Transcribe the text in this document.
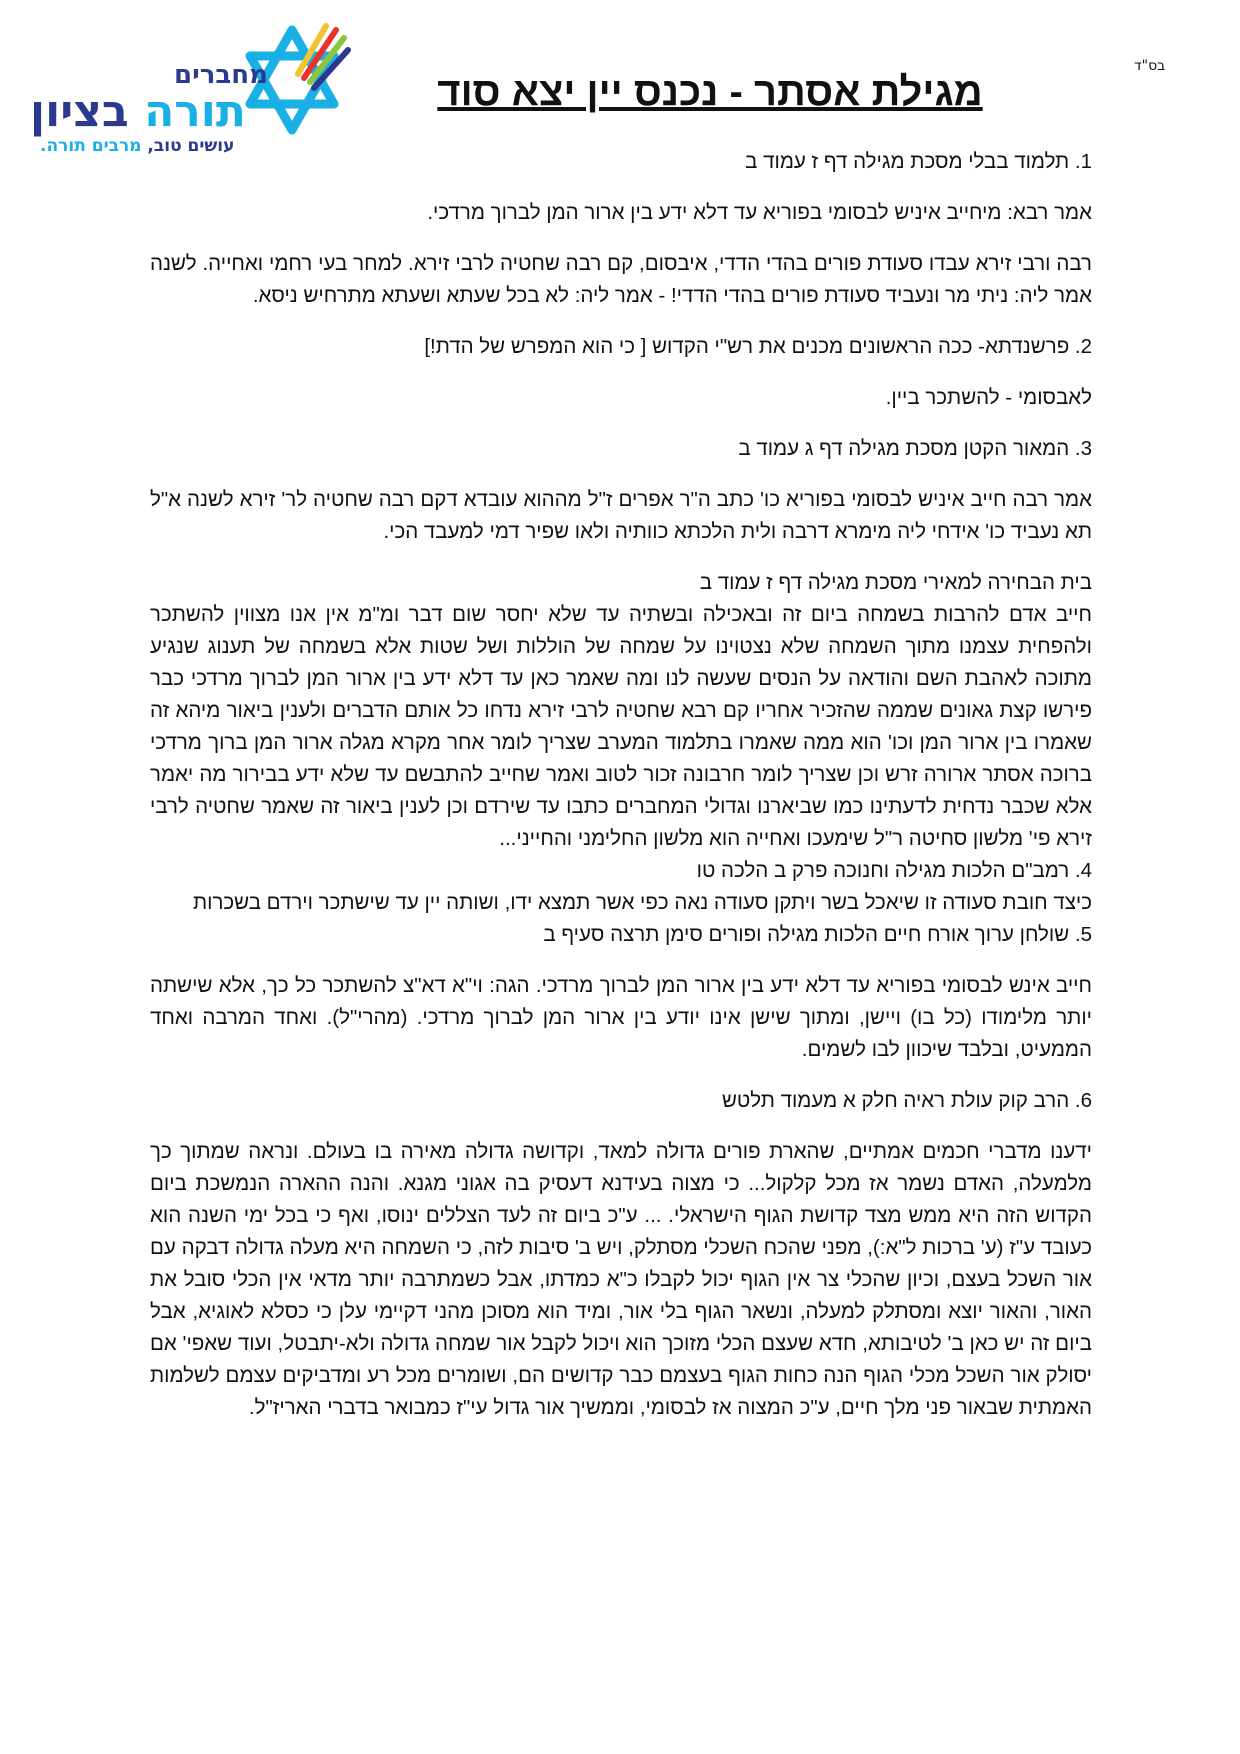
בס"ד
מחברים
תורה בציון
עושים טוב, מרבים תורה.
מגילת אסתר - נכנס יין יצא סוד

1. תלמוד בבלי מסכת מגילה דף ז עמוד ב

אמר רבא: מיחייב איניש לבסומי בפוריא עד דלא ידע בין ארור המן לברוך מרדכי.

רבה ורבי זירא עבדו סעודת פורים בהדי הדדי, איבסום, קם רבה שחטיה לרבי זירא. למחר בעי רחמי ואחייה. לשנה אמר ליה: ניתי מר ונעביד סעודת פורים בהדי הדדי! - אמר ליה: לא בכל שעתא ושעתא מתרחיש ניסא.

2. פרשנדתא- ככה הראשונים מכנים את רש"י הקדוש [ כי הוא המפרש של הדת!]

לאבסומי - להשתכר ביין.

3. המאור הקטן מסכת מגילה דף ג עמוד ב

אמר רבה חייב איניש לבסומי בפוריא כו' כתב ה"ר אפרים ז"ל מההוא עובדא דקם רבה שחטיה לר' זירא לשנה א"ל תא נעביד כו' אידחי ליה מימרא דרבה ולית הלכתא כוותיה ולאו שפיר דמי למעבד הכי.

בית הבחירה למאירי מסכת מגילה דף ז עמוד ב

חייב אדם להרבות בשמחה ביום זה ובאכילה ובשתיה עד שלא יחסר שום דבר ומ"מ אין אנו מצווין להשתכר ולהפחית עצמנו מתוך השמחה שלא נצטוינו על שמחה של הוללות ושל שטות אלא בשמחה של תענוג שנגיע מתוכה לאהבת השם והודאה על הנסים שעשה לנו ומה שאמר כאן עד דלא ידע בין ארור המן לברוך מרדכי כבר פירשו קצת גאונים שממה שהזכיר אחריו קם רבא שחטיה לרבי זירא נדחו כל אותם הדברים ולענין ביאור מיהא זה שאמרו בין ארור המן וכו' הוא ממה שאמרו בתלמוד המערב שצריך לומר אחר מקרא מגלה ארור המן ברוך מרדכי ברוכה אסתר ארורה זרש וכן שצריך לומר חרבונה זכור לטוב ואמר שחייב להתבשם עד שלא ידע בבירור מה יאמר אלא שכבר נדחית לדעתינו כמו שביארנו וגדולי המחברים כתבו עד שירדם וכן לענין ביאור זה שאמר שחטיה לרבי זירא פי' מלשון סחיטה ר"ל שימעכו ואחייה הוא מלשון החלימני והחייני...

4. רמב"ם הלכות מגילה וחנוכה פרק ב הלכה טו

כיצד חובת סעודה זו שיאכל בשר ויתקן סעודה נאה כפי אשר תמצא ידו, ושותה יין עד שישתכר וירדם בשכרות

5. שולחן ערוך אורח חיים הלכות מגילה ופורים סימן תרצה סעיף ב

חייב אינש לבסומי בפוריא עד דלא ידע בין ארור המן לברוך מרדכי. הגה: וי"א דא"צ להשתכר כל כך, אלא שישתה יותר מלימודו (כל בו) ויישן, ומתוך שישן אינו יודע בין ארור המן לברוך מרדכי. (מהרי"ל). ואחד המרבה ואחד הממעיט, ובלבד שיכוון לבו לשמים.

6. הרב קוק עולת ראיה חלק א מעמוד תלטש

ידענו מדברי חכמים אמתיים, שהארת פורים גדולה למאד, וקדושה גדולה מאירה בו בעולם. ונראה שמתוך כך מלמעלה, האדם נשמר אז מכל קלקול... כי מצוה בעידנא דעסיק בה אגוני מגנא. והנה ההארה הנמשכת ביום הקדוש הזה היא ממש מצד קדושת הגוף הישראלי. ... ע"כ ביום זה לעד הצללים ינוסו, ואף כי בכל ימי השנה הוא כעובד ע"ז (ע' ברכות ל"א:), מפני שהכח השכלי מסתלק, ויש ב' סיבות לזה, כי השמחה היא מעלה גדולה דבקה עם אור השכל בעצם, וכיון שהכלי צר אין הגוף יכול לקבלו כ"א כמדתו, אבל כשמתרבה יותר מדאי אין הכלי סובל את האור, והאור יוצא ומסתלק למעלה, ונשאר הגוף בלי אור, ומיד הוא מסוכן מהני דקיימי עלן כי כסלא לאוגיא, אבל ביום זה יש כאן ב' לטיבותא, חדא שעצם הכלי מזוכך הוא ויכול לקבל אור שמחה גדולה ולא-יתבטל, ועוד שאפי' אם יסולק אור השכל מכלי הגוף הנה כחות הגוף בעצמם כבר קדושים הם, ושומרים מכל רע ומדביקים עצמם לשלמות האמתית שבאור פני מלך חיים, ע"כ המצוה אז לבסומי, וממשיך אור גדול עי"ז כמבואר בדברי האריז"ל.
